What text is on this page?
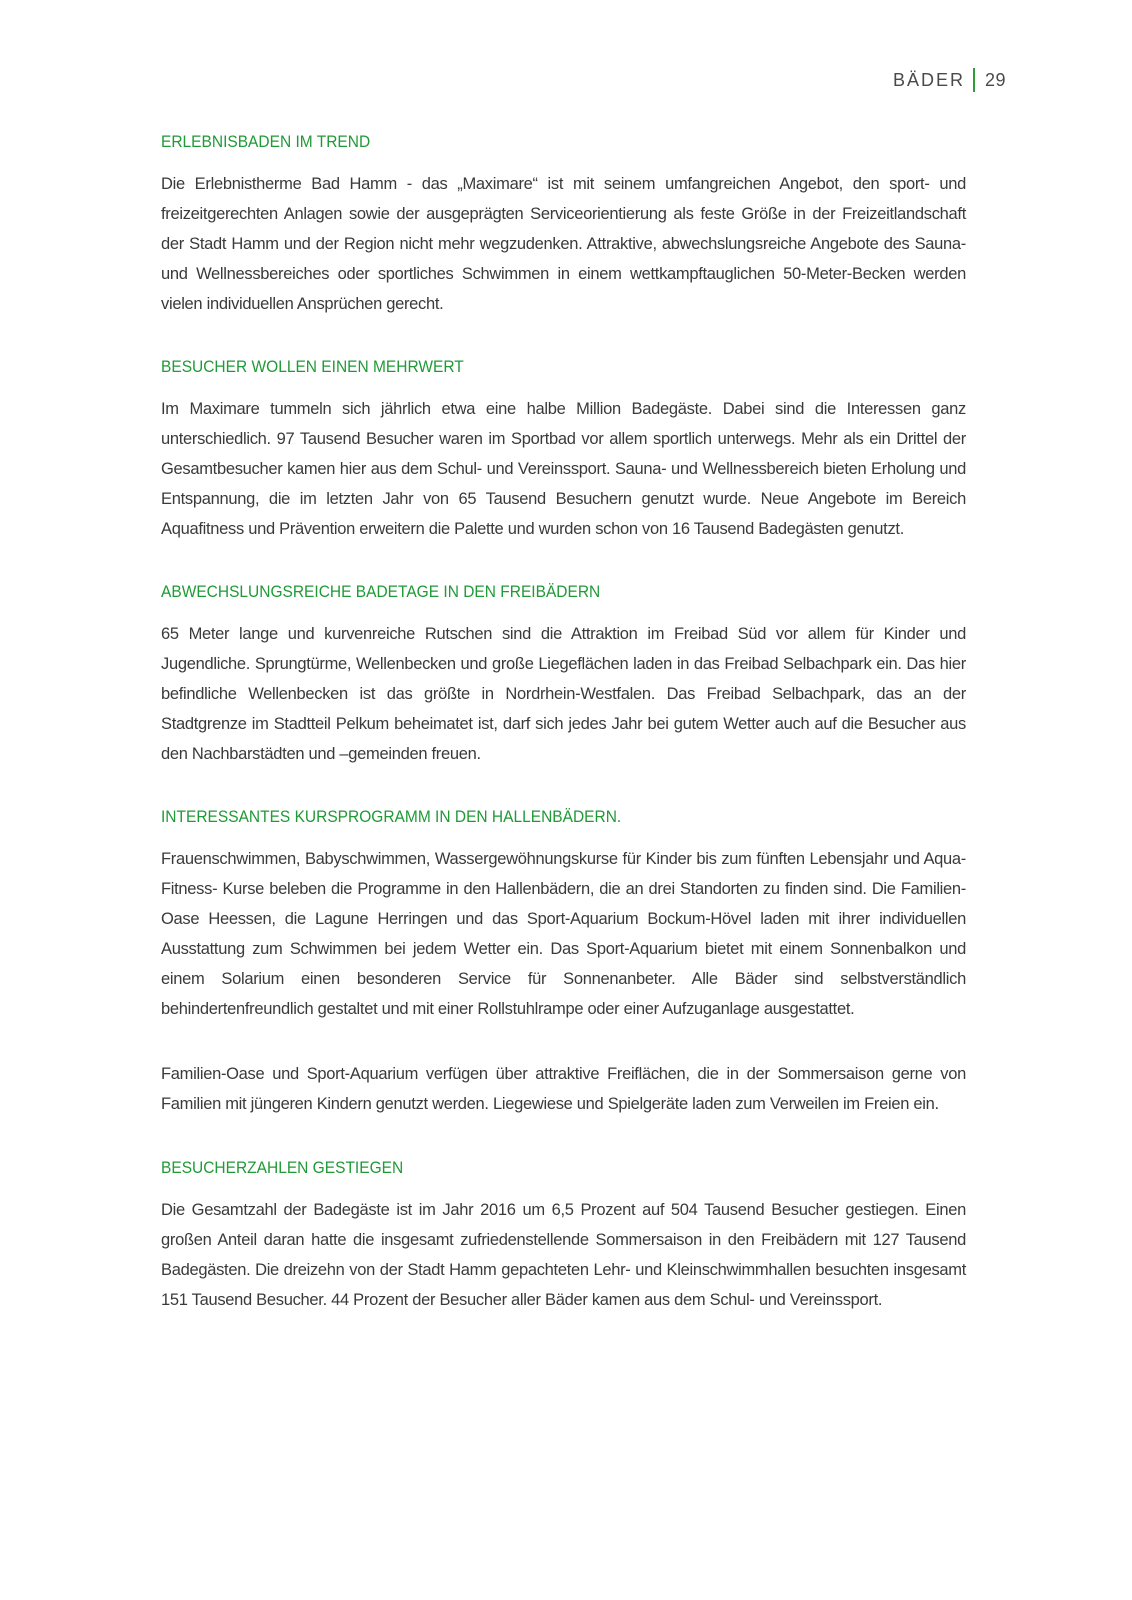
BÄDER 29
ERLEBNISBADEN IM TREND

Die Erlebnistherme Bad Hamm - das „Maximare“ ist mit seinem umfangreichen Angebot, den sport- und freizeitgerechten Anlagen sowie der ausgeprägten Serviceorientierung als feste Größe in der Freizeitlandschaft der Stadt Hamm und der Region nicht mehr wegzudenken. Attraktive, abwechslungsreiche Angebote des Sauna- und Wellnessbereiches oder sportliches Schwimmen in einem wettkampftauglichen 50-Meter-Becken werden vielen individuellen Ansprüchen gerecht.

BESUCHER WOLLEN EINEN MEHRWERT

Im Maximare tummeln sich jährlich etwa eine halbe Million Badegäste. Dabei sind die Interessen ganz unterschiedlich. 97 Tausend Besucher waren im Sportbad vor allem sportlich unterwegs. Mehr als ein Drittel der Gesamtbesucher kamen hier aus dem Schul- und Vereinssport. Sauna- und Wellnessbereich bieten Erholung und Entspannung, die im letzten Jahr von 65 Tausend Besuchern genutzt wurde. Neue Angebote im Bereich Aquafitness und Prävention erweitern die Palette und wurden schon von 16 Tausend Badegästen genutzt.

ABWECHSLUNGSREICHE BADETAGE IN DEN FREIBÄDERN

65 Meter lange und kurvenreiche Rutschen sind die Attraktion im Freibad Süd vor allem für Kinder und Jugendliche. Sprungtürme, Wellenbecken und große Liegeflächen laden in das Freibad Selbachpark ein. Das hier befindliche Wellenbecken ist das größte in Nordrhein-Westfalen. Das Freibad Selbachpark, das an der Stadtgrenze im Stadtteil Pelkum beheimatet ist, darf sich jedes Jahr bei gutem Wetter auch auf die Besucher aus den Nachbarstädten und –gemeinden freuen.

INTERESSANTES KURSPROGRAMM IN DEN HALLENBÄDERN.

Frauenschwimmen, Babyschwimmen, Wassergewöhnungskurse für Kinder bis zum fünften Lebensjahr und Aqua-Fitness- Kurse beleben die Programme in den Hallenbädern, die an drei Standorten zu finden sind. Die Familien-Oase Heessen, die Lagune Herringen und das Sport-Aquarium Bockum-Hövel laden mit ihrer individuellen Ausstattung zum Schwimmen bei jedem Wetter ein. Das Sport-Aquarium bietet mit einem Sonnenbalkon und einem Solarium einen besonderen Service für Sonnenanbeter. Alle Bäder sind selbstverständlich behindertenfreundlich gestaltet und mit einer Rollstuhlrampe oder einer Aufzuganlage ausgestattet.

Familien-Oase und Sport-Aquarium verfügen über attraktive Freiflächen, die in der Sommersaison gerne von Familien mit jüngeren Kindern genutzt werden. Liegewiese und Spielgeräte laden zum Verweilen im Freien ein.

BESUCHERZAHLEN GESTIEGEN

Die Gesamtzahl der Badegäste ist im Jahr 2016 um 6,5 Prozent auf 504 Tausend Besucher gestiegen. Einen großen Anteil daran hatte die insgesamt zufriedenstellende Sommersaison in den Freibädern mit 127 Tausend Badegästen. Die dreizehn von der Stadt Hamm gepachteten Lehr- und Kleinschwimmhallen besuchten insgesamt 151 Tausend Besucher. 44 Prozent der Besucher aller Bäder kamen aus dem Schul- und Vereinssport.
